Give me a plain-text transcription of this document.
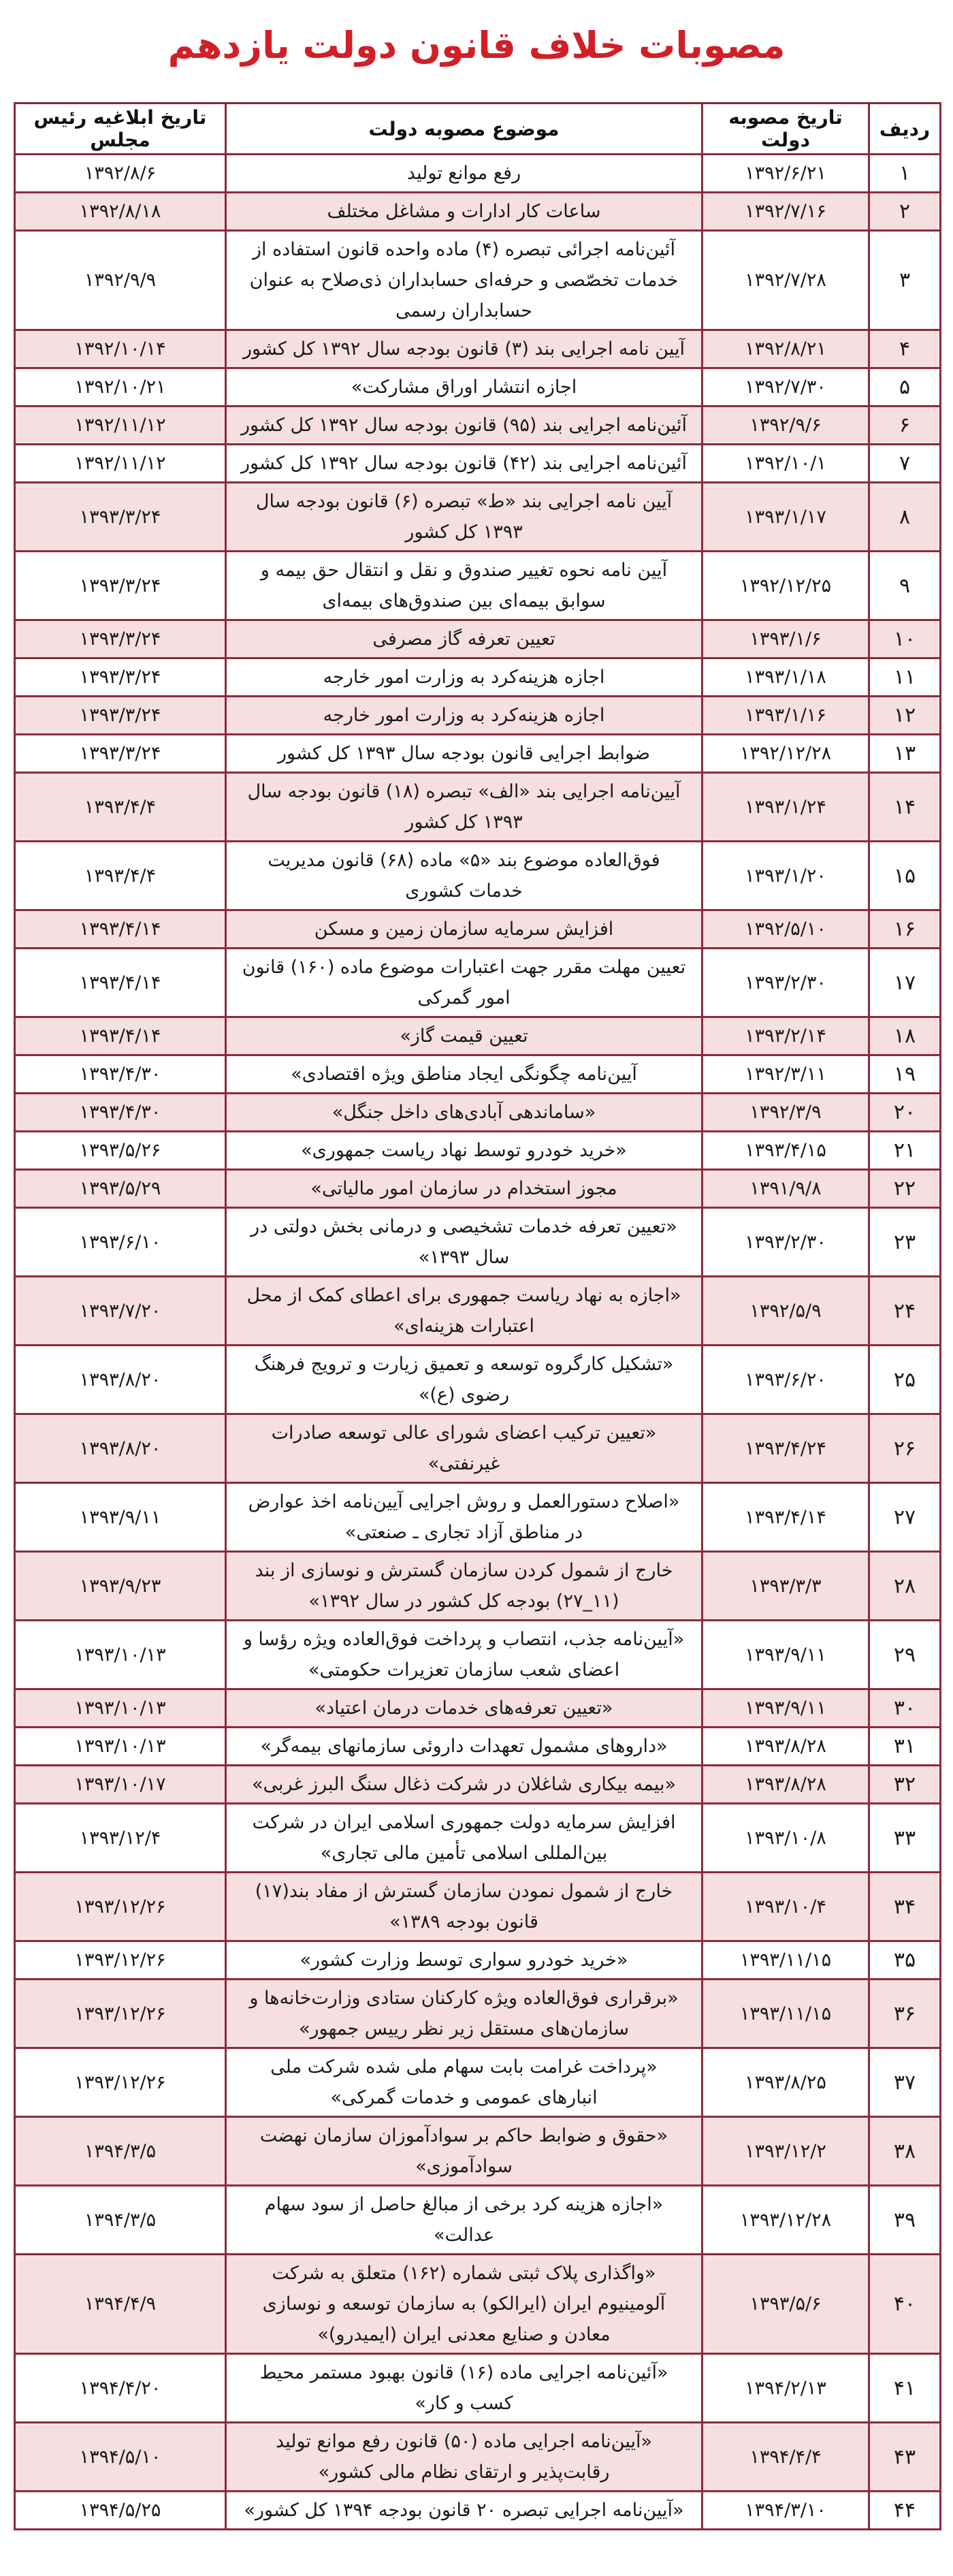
مصوبات خلاف قانون دولت یازدهم
ردیف	تاریخ مصوبه دولت	موضوع مصوبه دولت	تاریخ ابلاغیه رئیس مجلس
۱	۱۳۹۲/۶/۲۱	رفع موانع تولید	۱۳۹۲/۸/۶
۲	۱۳۹۲/۷/۱۶	ساعات کار ادارات و مشاغل مختلف	۱۳۹۲/۸/۱۸
۳	۱۳۹۲/۷/۲۸	آئین‌نامه اجرائی تبصره (۴) ماده واحده قانون استفاده از خدمات تخصّصی و حرفه‌ای حسابداران ذی‌صلاح به عنوان حسابداران رسمی	۱۳۹۲/۹/۹
۴	۱۳۹۲/۸/۲۱	آیین نامه اجرایی بند (۳) قانون بودجه سال ۱۳۹۲ کل کشور	۱۳۹۲/۱۰/۱۴
۵	۱۳۹۲/۷/۳۰	اجازه انتشار اوراق مشارکت»	۱۳۹۲/۱۰/۲۱
۶	۱۳۹۲/۹/۶	آئین‌نامه اجرایی بند (۹۵) قانون بودجه سال ۱۳۹۲ کل کشور	۱۳۹۲/۱۱/۱۲
۷	۱۳۹۲/۱۰/۱	آئین‌نامه اجرایی بند (۴۲) قانون بودجه سال ۱۳۹۲ کل کشور	۱۳۹۲/۱۱/۱۲
۸	۱۳۹۳/۱/۱۷	آیین نامه اجرایی بند «ط» تبصره (۶) قانون بودجه سال ۱۳۹۳ کل کشور	۱۳۹۳/۳/۲۴
۹	۱۳۹۲/۱۲/۲۵	آیین نامه نحوه تغییر صندوق و نقل و انتقال حق بیمه و سوابق بیمه‌ای بین صندوق‌های بیمه‌ای	۱۳۹۳/۳/۲۴
۱۰	۱۳۹۳/۱/۶	تعیین تعرفه گاز مصرفی	۱۳۹۳/۳/۲۴
۱۱	۱۳۹۳/۱/۱۸	اجازه هزینه‌کرد به وزارت امور خارجه	۱۳۹۳/۳/۲۴
۱۲	۱۳۹۳/۱/۱۶	اجازه هزینه‌کرد به وزارت امور خارجه	۱۳۹۳/۳/۲۴
۱۳	۱۳۹۲/۱۲/۲۸	ضوابط اجرایی قانون بودجه سال ۱۳۹۳ کل کشور	۱۳۹۳/۳/۲۴
۱۴	۱۳۹۳/۱/۲۴	آیین‌نامه اجرایی بند «الف» تبصره (۱۸) قانون بودجه سال ۱۳۹۳ کل کشور	۱۳۹۳/۴/۴
۱۵	۱۳۹۳/۱/۲۰	فوق‌العاده موضوع بند «۵» ماده (۶۸) قانون مدیریت خدمات کشوری	۱۳۹۳/۴/۴
۱۶	۱۳۹۲/۵/۱۰	افزایش سرمایه سازمان زمین و مسکن	۱۳۹۳/۴/۱۴
۱۷	۱۳۹۳/۲/۳۰	تعیین مهلت مقرر جهت اعتبارات موضوع ماده (۱۶۰) قانون امور گمرکی	۱۳۹۳/۴/۱۴
۱۸	۱۳۹۳/۲/۱۴	تعیین قیمت گاز»	۱۳۹۳/۴/۱۴
۱۹	۱۳۹۲/۳/۱۱	آیین‌نامه چگونگی ایجاد مناطق ویژه اقتصادی»	۱۳۹۳/۴/۳۰
۲۰	۱۳۹۲/۳/۹	«ساماندهی آبادی‌های داخل جنگل»	۱۳۹۳/۴/۳۰
۲۱	۱۳۹۳/۴/۱۵	«خرید خودرو توسط نهاد ریاست جمهوری»	۱۳۹۳/۵/۲۶
۲۲	۱۳۹۱/۹/۸	مجوز استخدام در سازمان امور مالیاتی»	۱۳۹۳/۵/۲۹
۲۳	۱۳۹۳/۲/۳۰	«تعیین تعرفه خدمات تشخیصی و درمانی بخش دولتی در سال ۱۳۹۳»	۱۳۹۳/۶/۱۰
۲۴	۱۳۹۲/۵/۹	«اجازه به نهاد ریاست جمهوری برای اعطای کمک از محل اعتبارات هزینه‌ای»	۱۳۹۳/۷/۲۰
۲۵	۱۳۹۳/۶/۲۰	«تشکیل کارگروه توسعه و تعمیق زیارت و ترویج فرهنگ رضوی (ع)»	۱۳۹۳/۸/۲۰
۲۶	۱۳۹۳/۴/۲۴	«تعیین ترکیب اعضای شورای عالی توسعه صادرات غیرنفتی»	۱۳۹۳/۸/۲۰
۲۷	۱۳۹۳/۴/۱۴	«اصلاح دستورالعمل و روش اجرایی آیین‌نامه اخذ عوارض در مناطق آزاد تجاری ـ صنعتی»	۱۳۹۳/۹/۱۱
۲۸	۱۳۹۳/۳/۳	خارج از شمول کردن سازمان گسترش و نوسازی از بند (۱۱_۲۷) بودجه کل کشور در سال ۱۳۹۲»	۱۳۹۳/۹/۲۳
۲۹	۱۳۹۳/۹/۱۱	«آیین‌نامه جذب، انتصاب و پرداخت فوق‌العاده ویژه رؤسا و اعضای شعب سازمان تعزیرات حکومتی»	۱۳۹۳/۱۰/۱۳
۳۰	۱۳۹۳/۹/۱۱	«تعیین تعرفه‌های خدمات درمان اعتیاد»	۱۳۹۳/۱۰/۱۳
۳۱	۱۳۹۳/۸/۲۸	«داروهای مشمول تعهدات داروئی سازمانهای بیمه‌گر»	۱۳۹۳/۱۰/۱۳
۳۲	۱۳۹۳/۸/۲۸	«بیمه بیکاری شاغلان در شرکت ذغال سنگ البرز غربی»	۱۳۹۳/۱۰/۱۷
۳۳	۱۳۹۳/۱۰/۸	افزایش سرمایه دولت جمهوری اسلامی ایران در شرکت بین‌المللی اسلامی تأمین مالی تجاری»	۱۳۹۳/۱۲/۴
۳۴	۱۳۹۳/۱۰/۴	خارج از شمول نمودن سازمان گسترش از مفاد بند(۱۷) قانون بودجه ۱۳۸۹»	۱۳۹۳/۱۲/۲۶
۳۵	۱۳۹۳/۱۱/۱۵	«خرید خودرو سواری توسط وزارت کشور»	۱۳۹۳/۱۲/۲۶
۳۶	۱۳۹۳/۱۱/۱۵	«برقراری فوق‌العاده ویژه کارکنان ستادی وزارت‌خانه‌ها و سازمان‌های مستقل زیر نظر رییس جمهور»	۱۳۹۳/۱۲/۲۶
۳۷	۱۳۹۳/۸/۲۵	«پرداخت غرامت بابت سهام ملی شده شرکت ملی انبارهای عمومی و خدمات گمرکی»	۱۳۹۳/۱۲/۲۶
۳۸	۱۳۹۳/۱۲/۲	«حقوق و ضوابط حاکم بر سوادآموزان سازمان نهضت سوادآموزی»	۱۳۹۴/۳/۵
۳۹	۱۳۹۳/۱۲/۲۸	«اجازه هزینه کرد برخی از مبالغ حاصل از سود سهام عدالت»	۱۳۹۴/۳/۵
۴۰	۱۳۹۳/۵/۶	«واگذاری پلاک ثبتی شماره (۱۶۲) متعلق به شرکت آلومینیوم ایران (ایرالکو) به سازمان توسعه و نوسازی معادن و صنایع معدنی ایران (ایمیدرو)»	۱۳۹۴/۴/۹
۴۱	۱۳۹۴/۲/۱۳	«آئین‌نامه اجرایی ماده (۱۶) قانون بهبود مستمر محیط کسب و کار»	۱۳۹۴/۴/۲۰
۴۳	۱۳۹۴/۴/۴	«آیین‌نامه اجرایی ماده (۵۰) قانون رفع موانع تولید رقابت‌پذیر و ارتقای نظام مالی کشور»	۱۳۹۴/۵/۱۰
۴۴	۱۳۹۴/۳/۱۰	«آیین‌نامه اجرایی تبصره ۲۰ قانون بودجه ۱۳۹۴ کل کشور»	۱۳۹۴/۵/۲۵
